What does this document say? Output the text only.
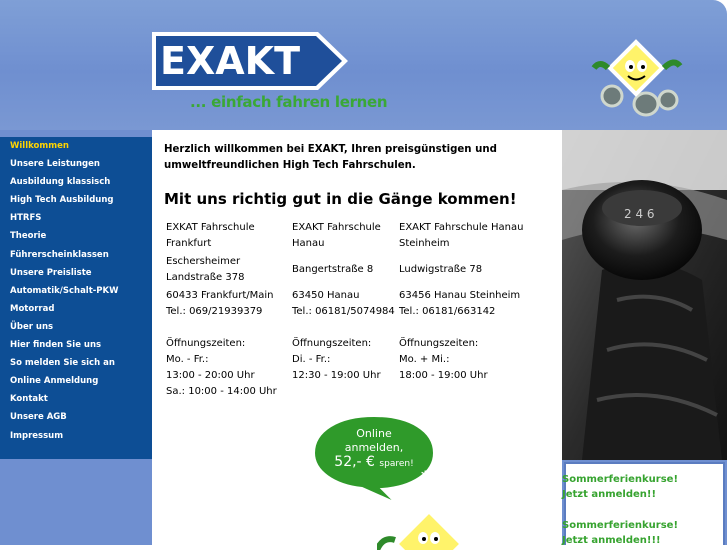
EXAKT
... einfach fahren lernen
Willkommen
Unsere Leistungen
Ausbildung klassisch
High Tech Ausbildung
HTRFS
Theorie
Führerscheinklassen
Unsere Preisliste
Automatik/Schalt-PKW
Motorrad
Über uns
Hier finden Sie uns
So melden Sie sich an
Online Anmeldung
Kontakt
Unsere AGB
Impressum
Herzlich willkommen bei EXAKT, Ihren preisgünstigen und umweltfreundlichen High Tech Fahrschulen.
Mit uns richtig gut in die Gänge kommen!
EXKAT Fahrschule Frankfurt
Eschersheimer Landstraße 378
60433 Frankfurt/Main
Tel.: 069/21939379
Öffnungszeiten:
Mo. - Fr.:
13:00 - 20:00 Uhr
Sa.: 10:00 - 14:00 Uhr
EXAKT Fahrschule Hanau
Bangertstraße 8
63450 Hanau
Tel.: 06181/5074984
Öffnungszeiten:
Di. - Fr.:
12:30 - 19:00 Uhr
EXAKT Fahrschule Hanau Steinheim
Ludwigstraße 78
63456 Hanau Steinheim
Tel.: 06181/663142
Öffnungszeiten:
Mo. + Mi.:
18:00 - 19:00 Uhr
Online
anmelden,
52,- € sparen!
*
2 4 6
Sommerferienkurse!
Jetzt anmelden!!
Sommerferienkurse!
Jetzt anmelden!!!
